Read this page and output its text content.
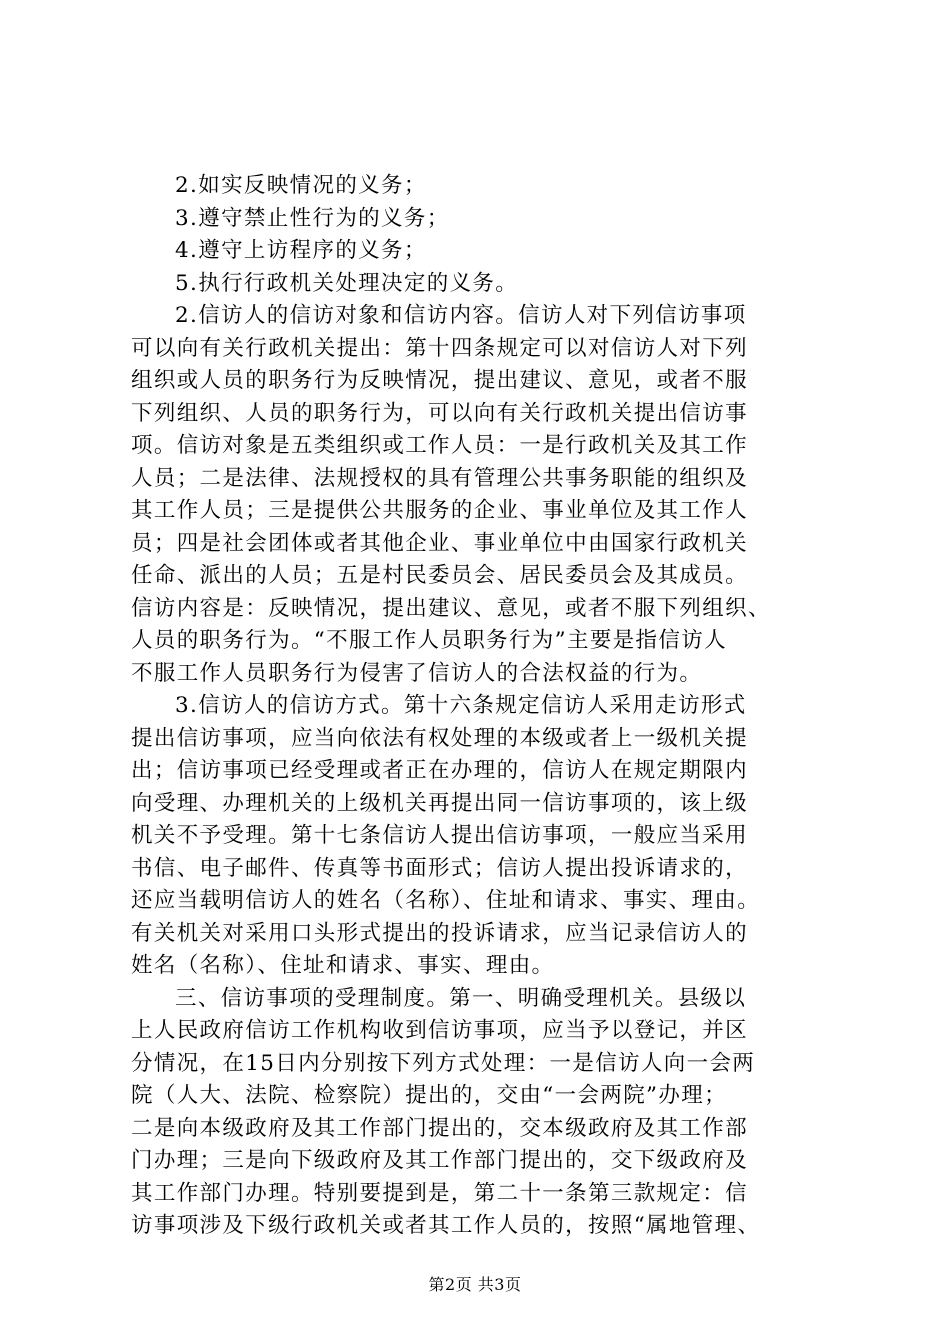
2.如实反映情况的义务；
3.遵守禁止性行为的义务；
4.遵守上访程序的义务；
5.执行行政机关处理决定的义务。
2.信访人的信访对象和信访内容。信访人对下列信访事项
可以向有关行政机关提出：第十四条规定可以对信访人对下列
组织或人员的职务行为反映情况，提出建议、意见，或者不服
下列组织、人员的职务行为，可以向有关行政机关提出信访事
项。信访对象是五类组织或工作人员：一是行政机关及其工作
人员；二是法律、法规授权的具有管理公共事务职能的组织及
其工作人员；三是提供公共服务的企业、事业单位及其工作人
员；四是社会团体或者其他企业、事业单位中由国家行政机关
任命、派出的人员；五是村民委员会、居民委员会及其成员。
信访内容是：反映情况，提出建议、意见，或者不服下列组织、
人员的职务行为。“不服工作人员职务行为”主要是指信访人
不服工作人员职务行为侵害了信访人的合法权益的行为。
3.信访人的信访方式。第十六条规定信访人采用走访形式
提出信访事项，应当向依法有权处理的本级或者上一级机关提
出；信访事项已经受理或者正在办理的，信访人在规定期限内
向受理、办理机关的上级机关再提出同一信访事项的，该上级
机关不予受理。第十七条信访人提出信访事项，一般应当采用
书信、电子邮件、传真等书面形式；信访人提出投诉请求的，
还应当载明信访人的姓名（名称）、住址和请求、事实、理由。
有关机关对采用口头形式提出的投诉请求，应当记录信访人的
姓名（名称）、住址和请求、事实、理由。
三、信访事项的受理制度。第一、明确受理机关。县级以
上人民政府信访工作机构收到信访事项，应当予以登记，并区
分情况，在15日内分别按下列方式处理：一是信访人向一会两
院（人大、法院、检察院）提出的，交由“一会两院”办理；
二是向本级政府及其工作部门提出的，交本级政府及其工作部
门办理；三是向下级政府及其工作部门提出的，交下级政府及
其工作部门办理。特别要提到是，第二十一条第三款规定：信
访事项涉及下级行政机关或者其工作人员的，按照“属地管理、
第2页 共3页
